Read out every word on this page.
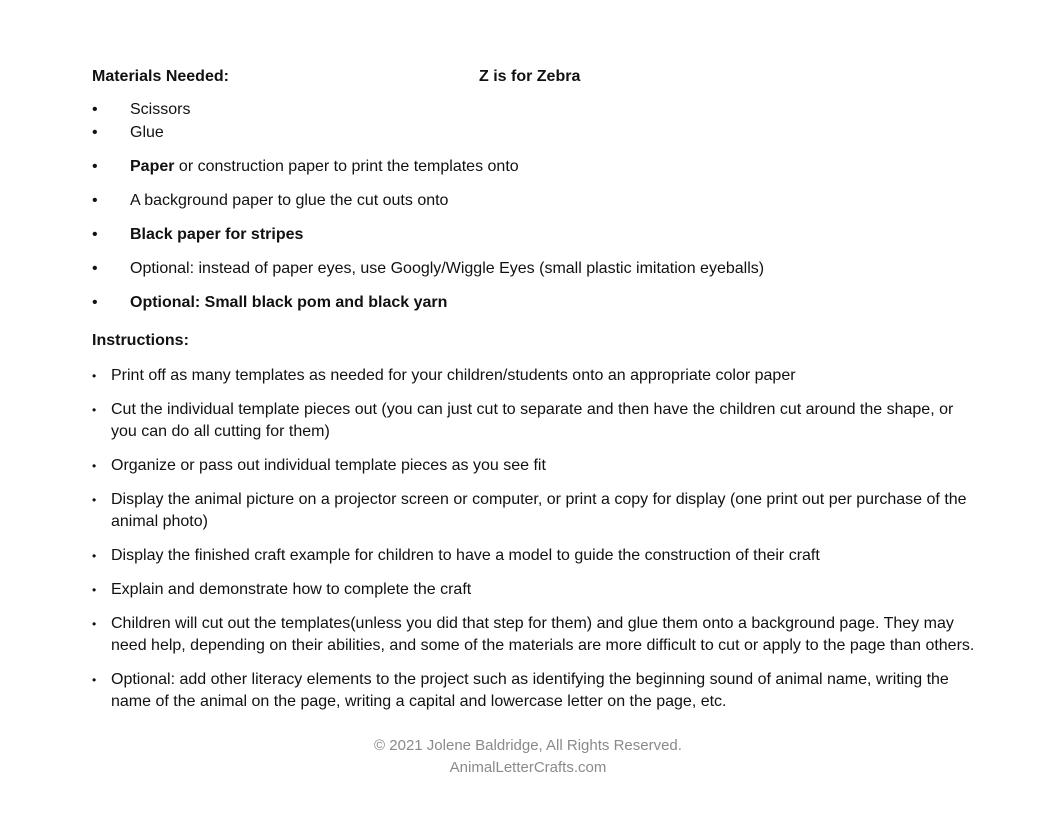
Materials Needed:	Z is for Zebra
• Scissors
• Glue
• Paper or construction paper to print the templates onto
• A background paper to glue the cut outs onto
• Black paper for stripes
• Optional: instead of paper eyes, use Googly/Wiggle Eyes (small plastic imitation eyeballs)
• Optional: Small black pom and black yarn
Instructions:
• Print off as many templates as needed for your children/students onto an appropriate color paper
• Cut the individual template pieces out (you can just cut to separate and then have the children cut around the shape, or you can do all cutting for them)
• Organize or pass out individual template pieces as you see fit
• Display the animal picture on a projector screen or computer, or print a copy for display (one print out per purchase of the animal photo)
• Display the finished craft example for children to have a model to guide the construction of their craft
• Explain and demonstrate how to complete the craft
• Children will cut out the templates(unless you did that step for them) and glue them onto a background page. They may need help, depending on their abilities, and some of the materials are more difficult to cut or apply to the page than others.
• Optional: add other literacy elements to the project such as identifying the beginning sound of animal name, writing the name of the animal on the page, writing a capital and lowercase letter on the page, etc.
© 2021 Jolene Baldridge, All Rights Reserved.
AnimalLetterCrafts.com
